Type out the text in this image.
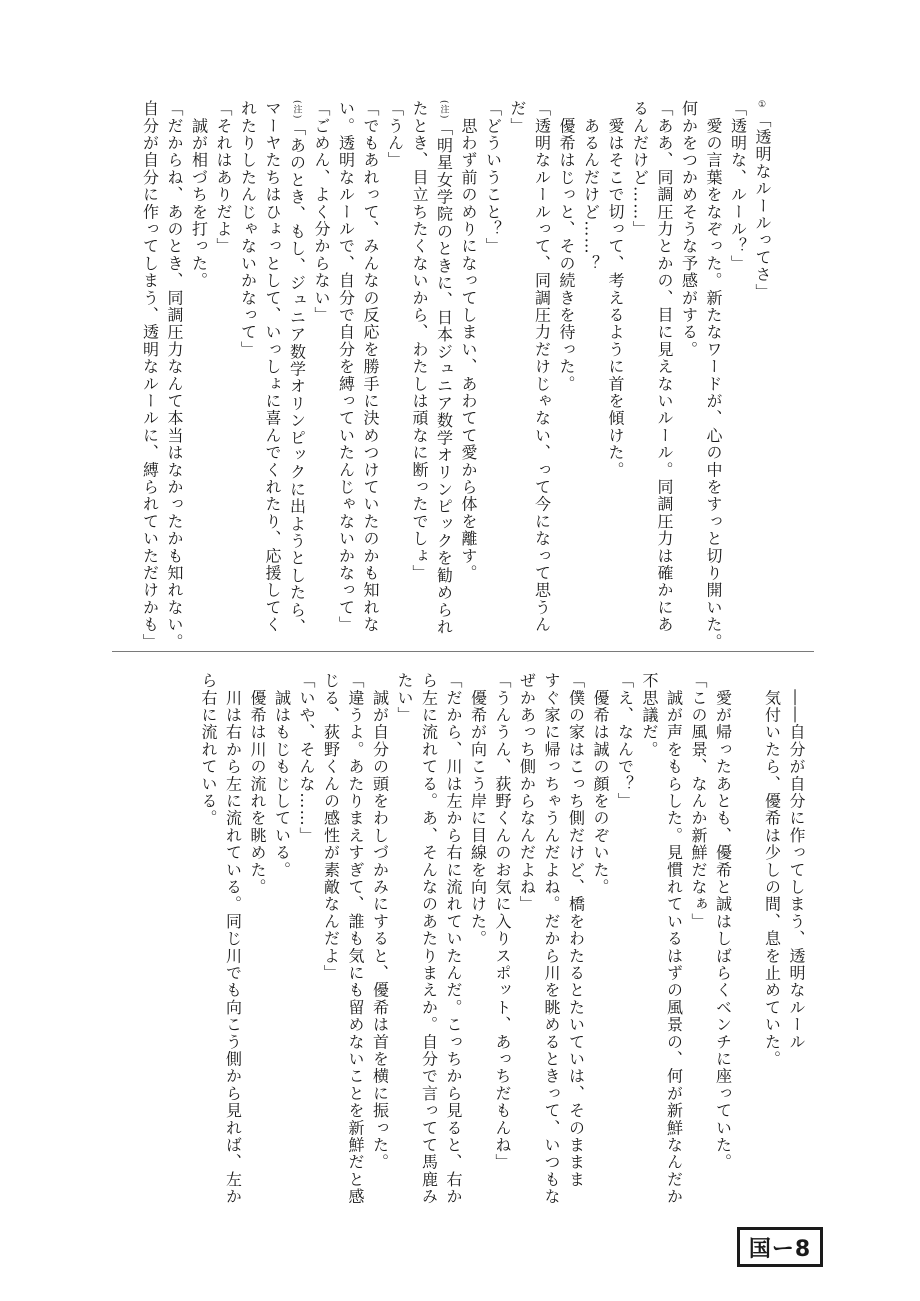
①「透明なルールってさ」
「透明な、ルール？」
　愛の言葉をなぞった。新たなワードが、心の中をすっと切り開いた。
何かをつかめそうな予感がする。
「ああ、同調圧力とかの、目に見えないルール。同調圧力は確かにあ
るんだけど……」
　愛はそこで切って、考えるように首を傾けた。
　あるんだけど……？
　優希はじっと、その続きを待った。
「透明なルールって、同調圧力だけじゃない、って今になって思うん
だ」
「どういうこと？」
　思わず前のめりになってしまい、あわてて愛から体を離す。
(注)「明星女学院のときに、日本ジュニア数学オリンピックを勧められ
たとき、目立ちたくないから、わたしは頑なに断ったでしょ」
「うん」
「でもあれって、みんなの反応を勝手に決めつけていたのかも知れな
い。透明なルールで、自分で自分を縛っていたんじゃないかなって」
「ごめん、よく分からない」
(注)「あのとき、もし、ジュニア数学オリンピックに出ようとしたら、
マーヤたちはひょっとして、いっしょに喜んでくれたり、応援してく
れたりしたんじゃないかなって」
「それはありだよ」
　誠が相づちを打った。
「だからね、あのとき、同調圧力なんて本当はなかったかも知れない。
自分が自分に作ってしまう、透明なルールに、縛られていただけかも」
　――自分が自分に作ってしまう、透明なルール
　気付いたら、優希は少しの間、息を止めていた。
　愛が帰ったあとも、優希と誠はしばらくベンチに座っていた。
「この風景、なんか新鮮だなぁ」
　誠が声をもらした。見慣れているはずの風景の、何が新鮮なんだか
不思議だ。
「え、なんで？」
　優希は誠の顔をのぞいた。
「僕の家はこっち側だけど、橋をわたるとたいていは、そのままま
すぐ家に帰っちゃうんだよね。だから川を眺めるときって、いつもな
ぜかあっち側からなんだよね」
「うんうん、荻野くんのお気に入りスポット、あっちだもんね」
　優希が向こう岸に目線を向けた。
「だから、川は左から右に流れていたんだ。こっちから見ると、右か
ら左に流れてる。あ、そんなのあたりまえか。自分で言ってて馬鹿み
たい」
　誠が自分の頭をわしづかみにすると、優希は首を横に振った。
「違うよ。あたりまえすぎて、誰も気にも留めないことを新鮮だと感
じる、荻野くんの感性が素敵なんだよ」
「いや、そんな……」
　誠はもじもじしている。
　優希は川の流れを眺めた。
　川は右から左に流れている。同じ川でも向こう側から見れば、左か
ら右に流れている。
国ー8
